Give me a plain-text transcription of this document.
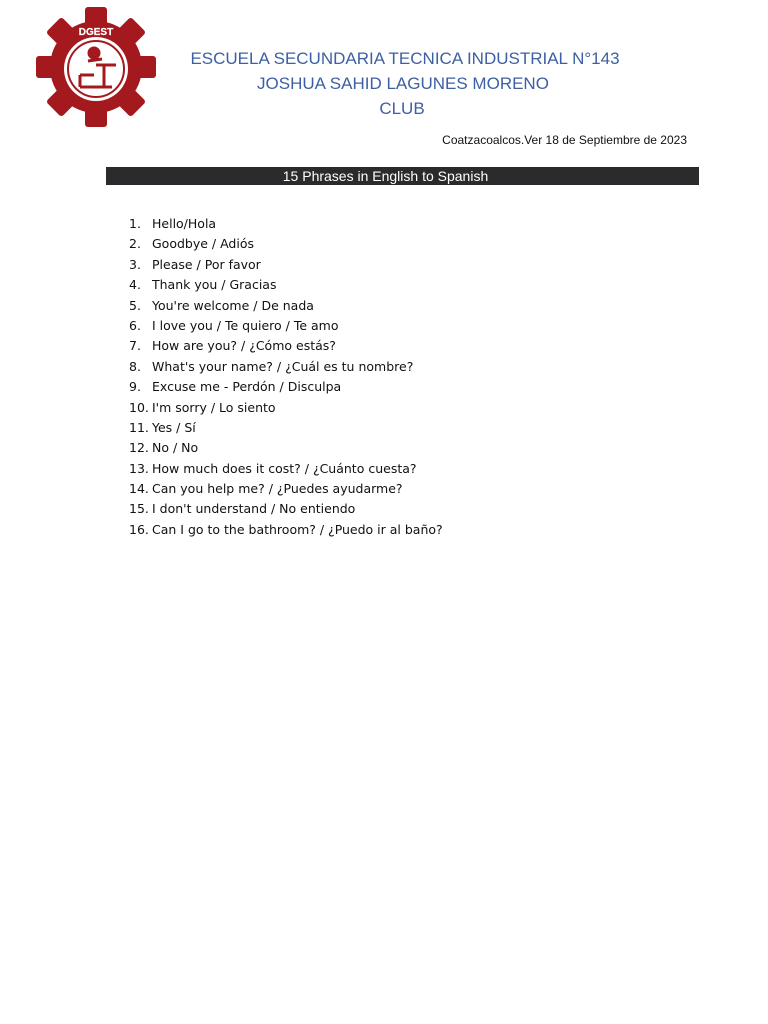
DGEST
ESCUELA SECUNDARIA TECNICA INDUSTRIAL N°143
JOSHUA SAHID LAGUNES MORENO
CLUB
Coatzacoalcos.Ver 18 de Septiembre de 2023
15 Phrases in English to Spanish
1. Hello/Hola
2. Goodbye / Adiós
3. Please / Por favor
4. Thank you / Gracias
5. You're welcome / De nada
6. I love you / Te quiero / Te amo
7. How are you? / ¿Cómo estás?
8. What's your name? / ¿Cuál es tu nombre?
9. Excuse me - Perdón / Disculpa
10. I'm sorry / Lo siento
11. Yes / Sí
12. No / No
13. How much does it cost? / ¿Cuánto cuesta?
14. Can you help me? / ¿Puedes ayudarme?
15. I don't understand / No entiendo
16. Can I go to the bathroom? / ¿Puedo ir al baño?
